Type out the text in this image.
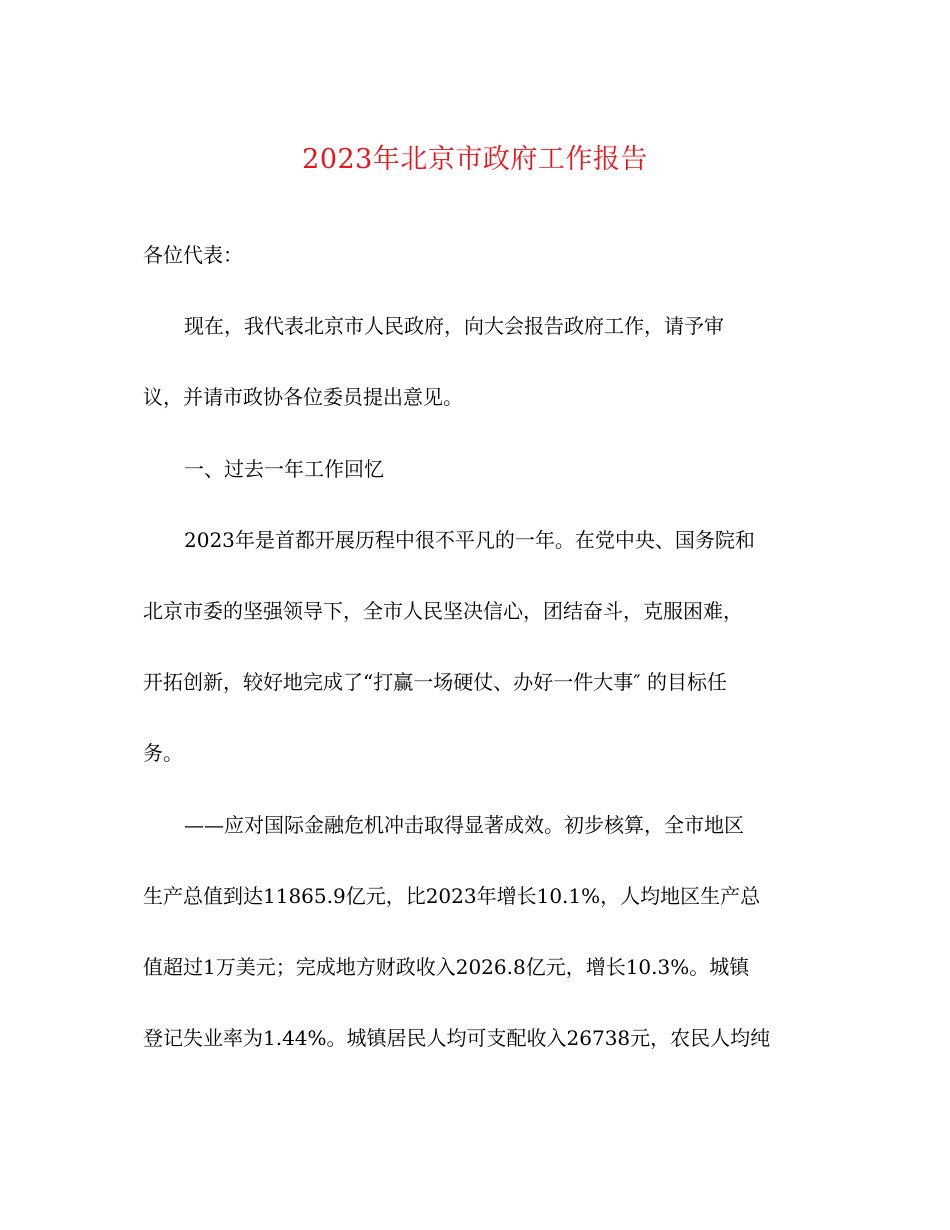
2023年北京市政府工作报告
各位代表：
现在，我代表北京市人民政府，向大会报告政府工作，请予审
议，并请市政协各位委员提出意见。
一、过去一年工作回忆
2023年是首都开展历程中很不平凡的一年。在党中央、国务院和
北京市委的坚强领导下，全市人民坚决信心，团结奋斗，克服困难，
开拓创新，较好地完成了“打赢一场硬仗、办好一件大事″ 的目标任
务。
——应对国际金融危机冲击取得显著成效。初步核算，全市地区
生产总值到达11865.9亿元，比2023年增长10.1%，人均地区生产总
值超过1万美元；完成地方财政收入2026.8亿元，增长10.3%。城镇
登记失业率为1.44%。城镇居民人均可支配收入26738元，农民人均纯
